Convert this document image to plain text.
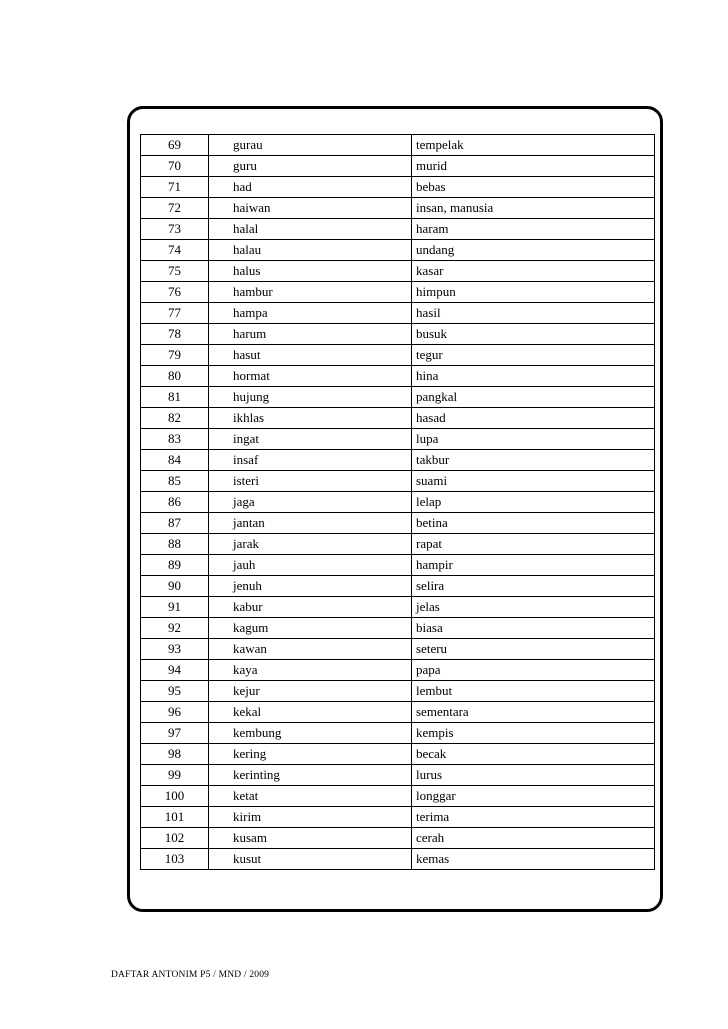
69	gurau	tempelak
70	guru	murid
71	had	bebas
72	haiwan	insan, manusia
73	halal	haram
74	halau	undang
75	halus	kasar
76	hambur	himpun
77	hampa	hasil
78	harum	busuk
79	hasut	tegur
80	hormat	hina
81	hujung	pangkal
82	ikhlas	hasad
83	ingat	lupa
84	insaf	takbur
85	isteri	suami
86	jaga	lelap
87	jantan	betina
88	jarak	rapat
89	jauh	hampir
90	jenuh	selira
91	kabur	jelas
92	kagum	biasa
93	kawan	seteru
94	kaya	papa
95	kejur	lembut
96	kekal	sementara
97	kembung	kempis
98	kering	becak
99	kerinting	lurus
100	ketat	longgar
101	kirim	terima
102	kusam	cerah
103	kusut	kemas
DAFTAR ANTONIM P5 / MND / 2009
